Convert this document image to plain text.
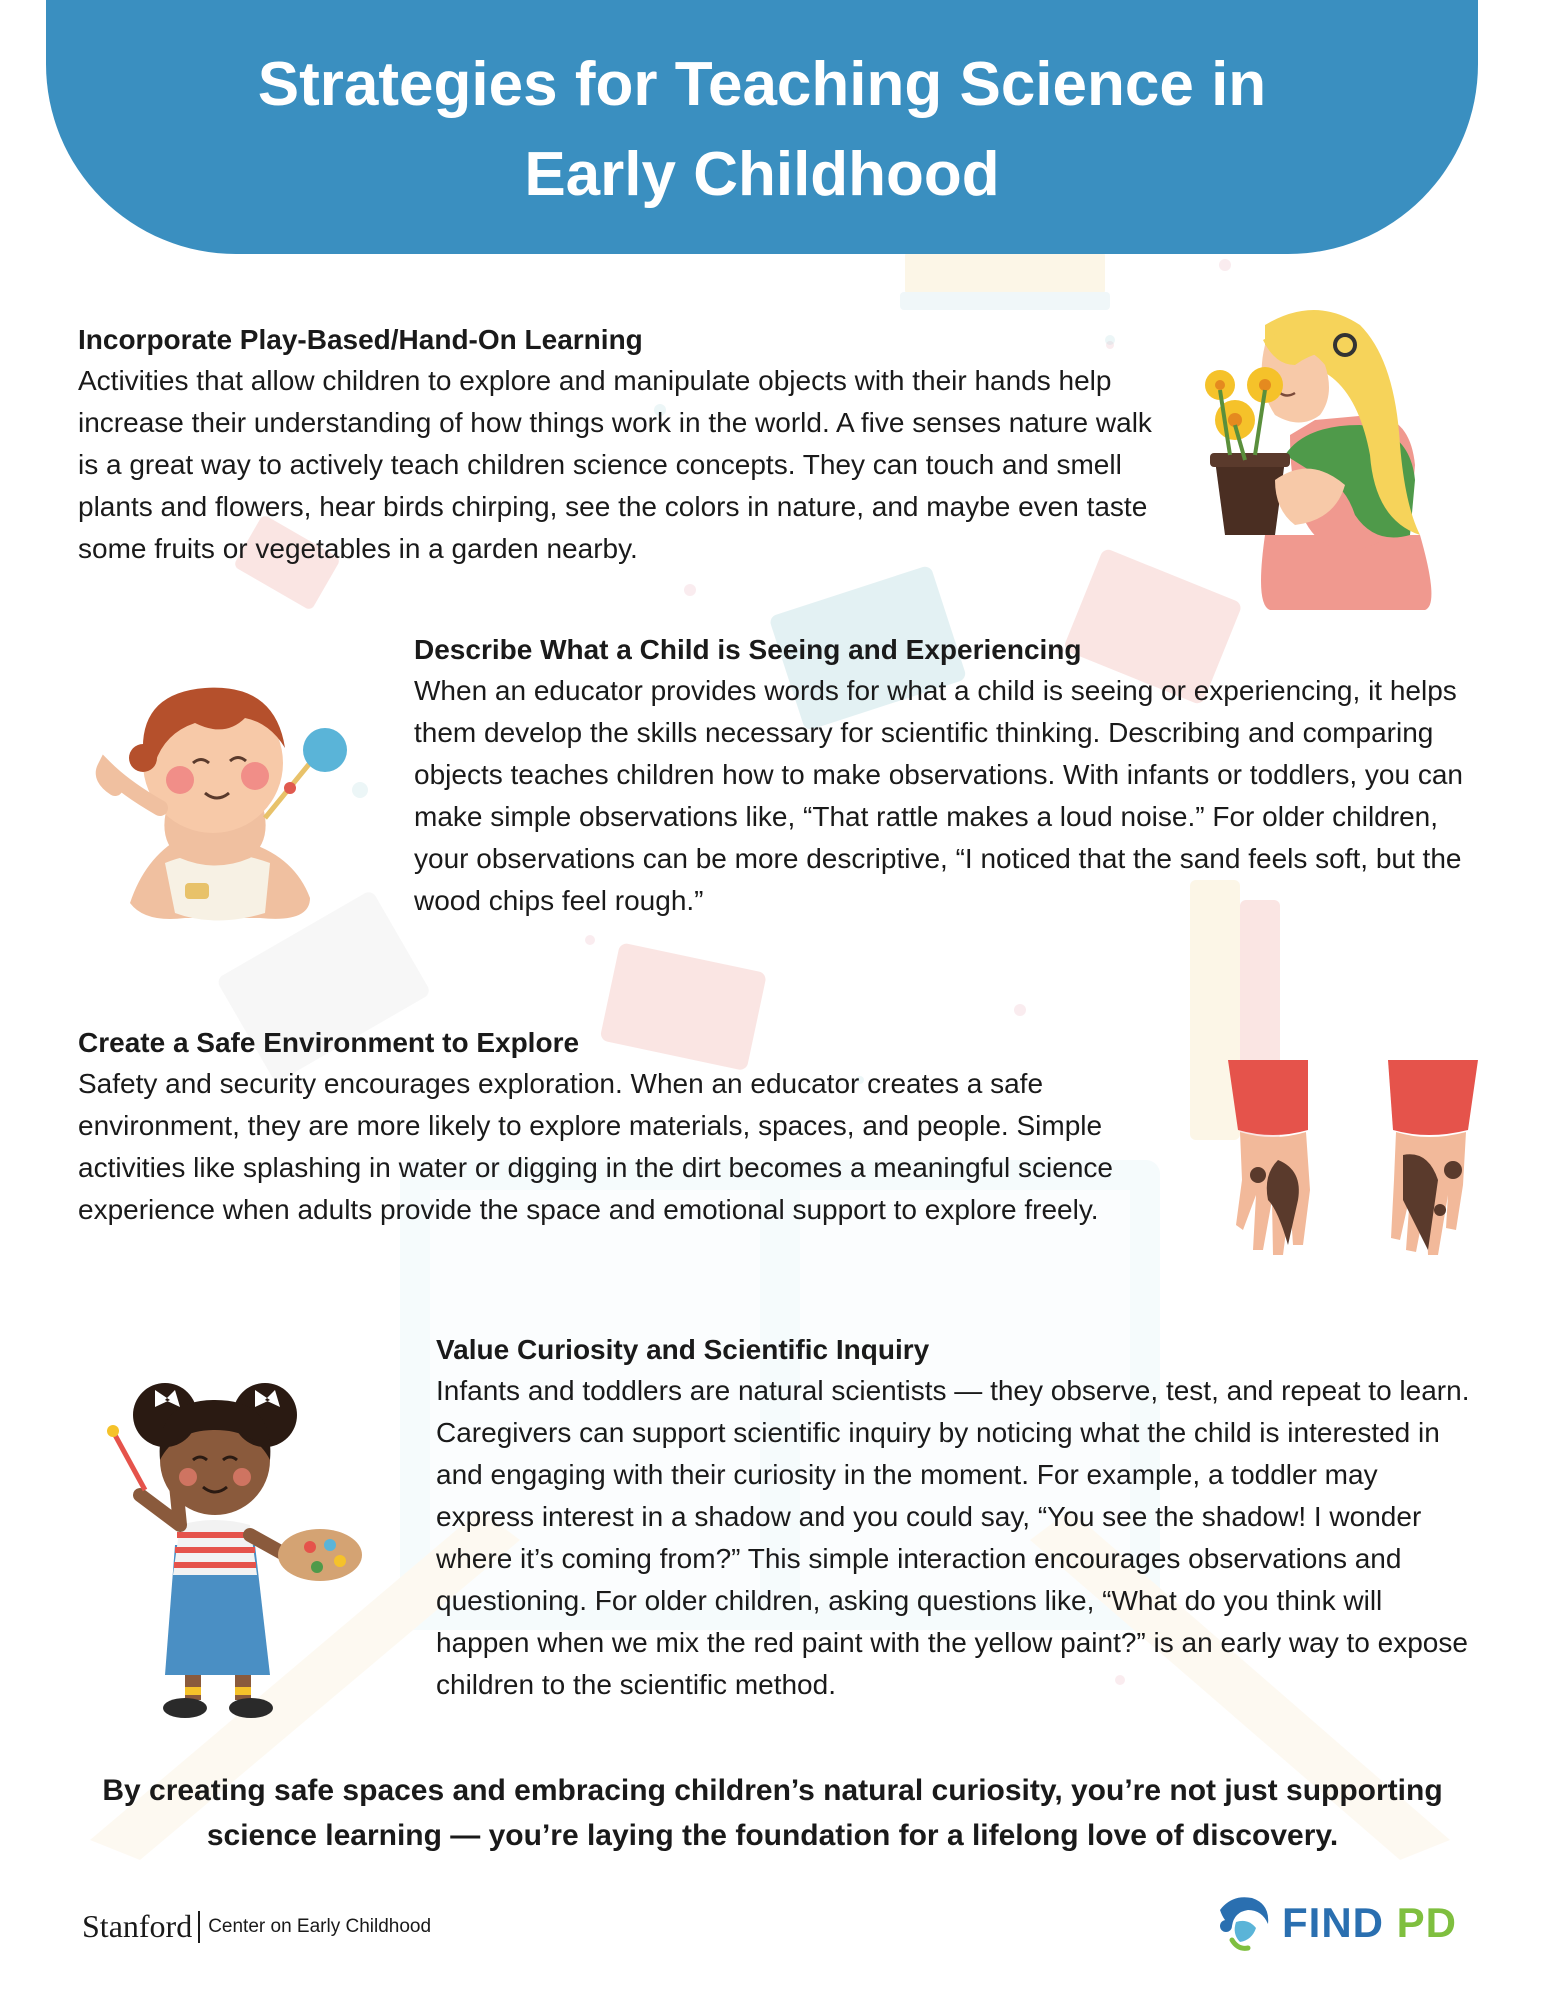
Strategies for Teaching Science in Early Childhood
Incorporate Play-Based/Hand-On Learning

Activities that allow children to explore and manipulate objects with their hands help increase their understanding of how things work in the world. A five senses nature walk is a great way to actively teach children science concepts. They can touch and smell plants and flowers, hear birds chirping, see the colors in nature, and maybe even taste some fruits or vegetables in a garden nearby.

Describe What a Child is Seeing and Experiencing

When an educator provides words for what a child is seeing or experiencing, it helps them develop the skills necessary for scientific thinking. Describing and comparing objects teaches children how to make observations. With infants or toddlers, you can make simple observations like, “That rattle makes a loud noise.” For older children, your observations can be more descriptive, “I noticed that the sand feels soft, but the wood chips feel rough.”

Create a Safe Environment to Explore

Safety and security encourages exploration. When an educator creates a safe environment, they are more likely to explore materials, spaces, and people. Simple activities like splashing in water or digging in the dirt becomes a meaningful science experience when adults provide the space and emotional support to explore freely.

Value Curiosity and Scientific Inquiry

Infants and toddlers are natural scientists — they observe, test, and repeat to learn. Caregivers can support scientific inquiry by noticing what the child is interested in and engaging with their curiosity in the moment. For example, a toddler may express interest in a shadow and you could say, “You see the shadow! I wonder where it’s coming from?” This simple interaction encourages observations and questioning. For older children, asking questions like, “What do you think will happen when we mix the red paint with the yellow paint?” is an early way to expose children to the scientific method.

By creating safe spaces and embracing children’s natural curiosity, you’re not just supporting science learning — you’re laying the foundation for a lifelong love of discovery.

Stanford Center on Early Childhood	FIND PD
